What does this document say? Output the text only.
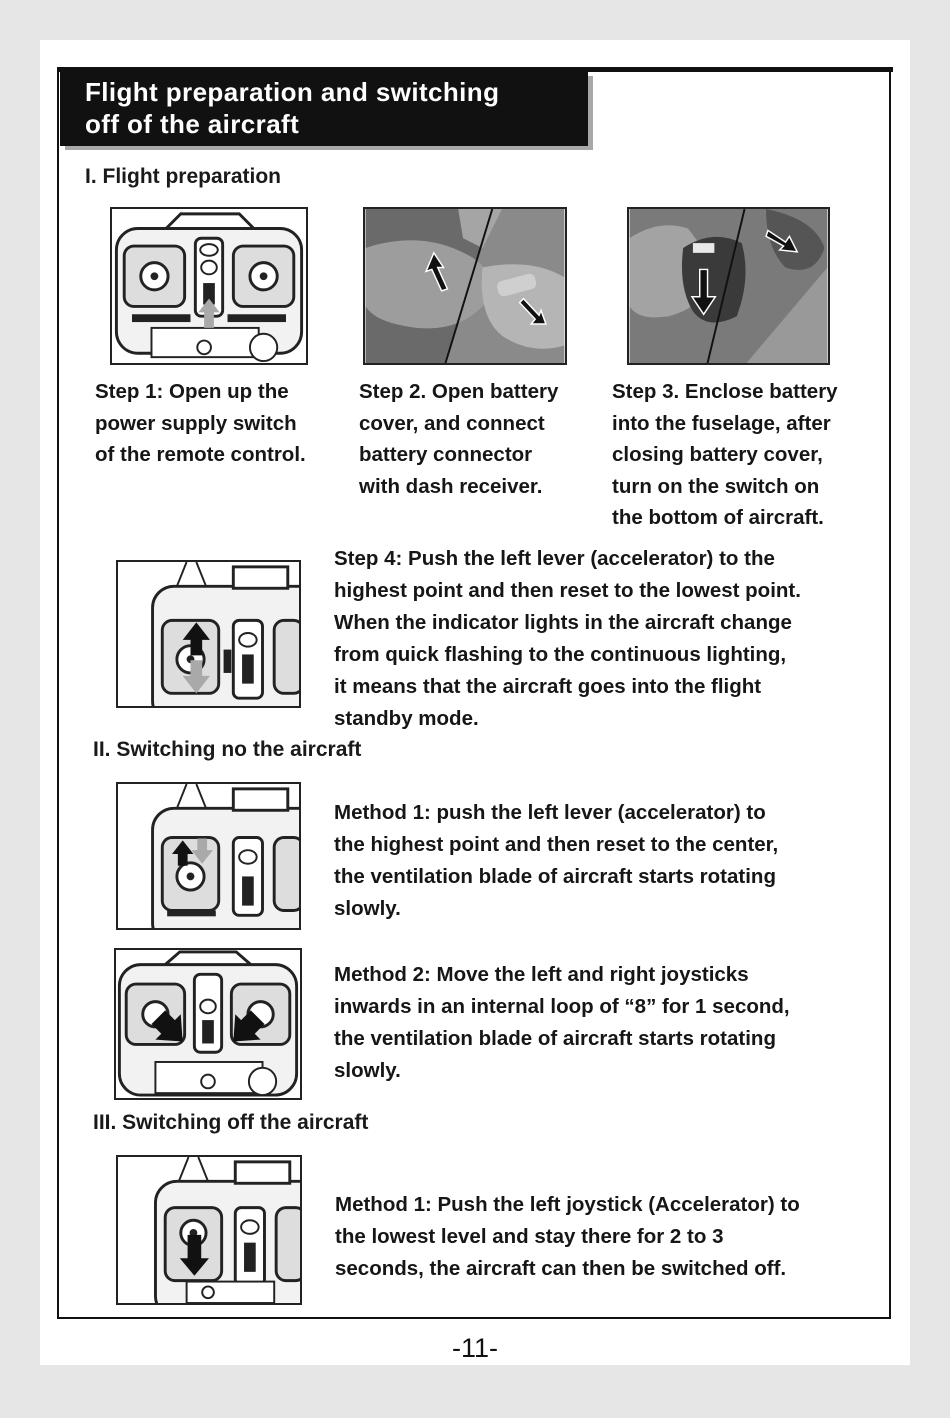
Flight preparation and switching
off of the aircraft
I. Flight preparation
Step 1: Open up the
power supply switch
of the remote control.
Step 2. Open battery
cover, and connect
battery connector
with dash receiver.
Step 3. Enclose battery
into the fuselage, after
closing battery cover,
turn on the switch on
the bottom of aircraft.
Step 4: Push the left lever (accelerator) to the
highest point and then reset to the lowest point.
When the indicator lights in the aircraft change
from quick flashing to the continuous lighting,
it means that the aircraft goes into the flight
standby mode.
II. Switching no the aircraft
Method 1: push the left lever (accelerator) to
the highest point and then reset to the center,
the ventilation blade of aircraft starts rotating
slowly.
Method 2: Move the left and right joysticks
inwards in an internal loop of “8” for 1 second,
the ventilation blade of aircraft starts rotating
slowly.
III. Switching off the aircraft
Method 1: Push the left joystick (Accelerator) to
the lowest level and stay there for 2 to 3
seconds, the aircraft can then be switched off.
-11-
